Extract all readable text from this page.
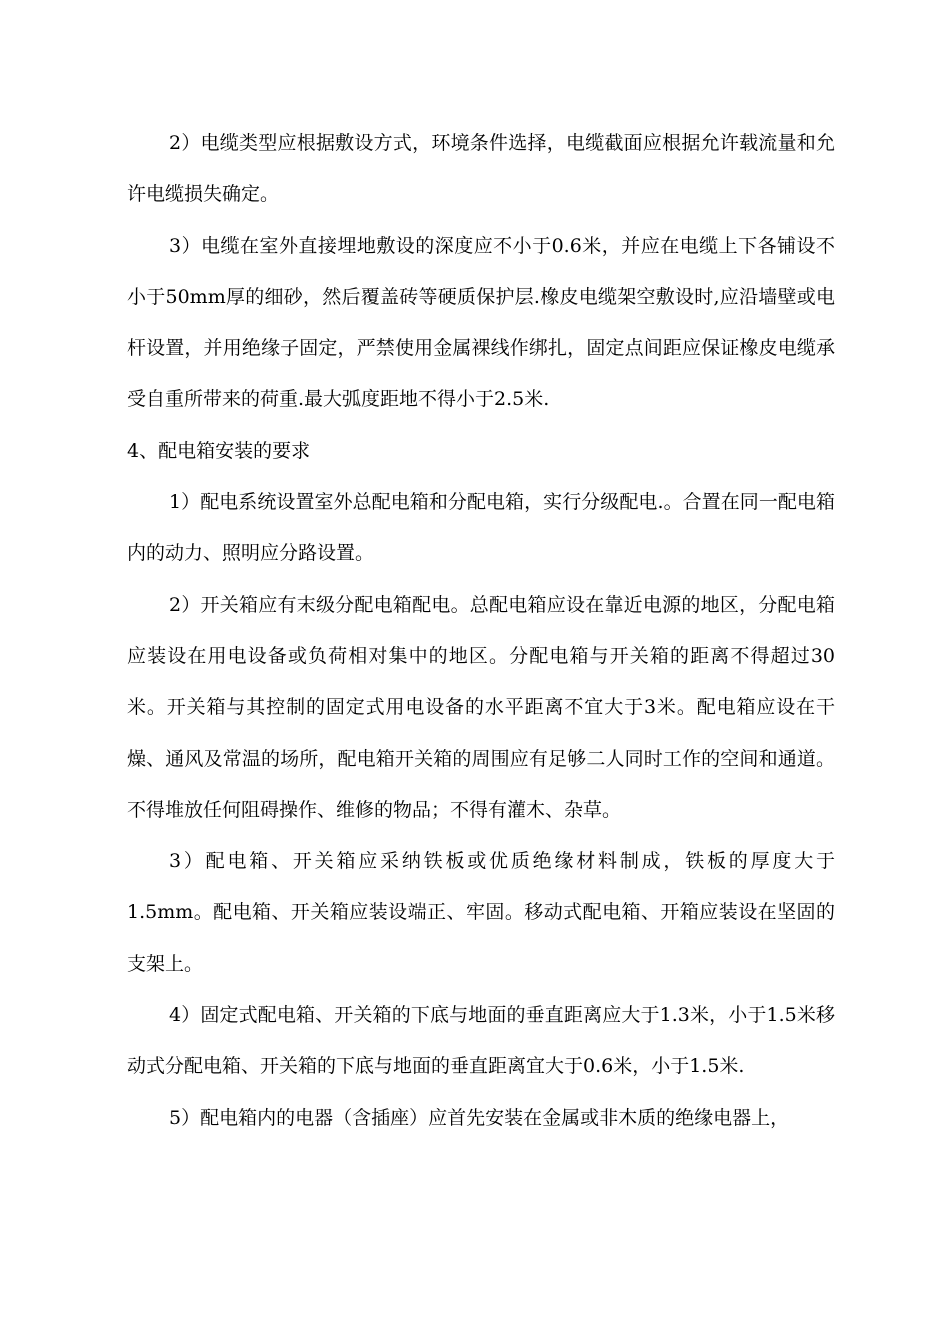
2）电缆类型应根据敷设方式，环境条件选择，电缆截面应根据允许载流量和允许电缆损失确定。

3）电缆在室外直接埋地敷设的深度应不小于0.6米，并应在电缆上下各铺设不小于50mm厚的细砂，然后覆盖砖等硬质保护层.橡皮电缆架空敷设时,应沿墙壁或电杆设置，并用绝缘子固定，严禁使用金属裸线作绑扎，固定点间距应保证橡皮电缆承受自重所带来的荷重.最大弧度距地不得小于2.5米.

4、配电箱安装的要求

1）配电系统设置室外总配电箱和分配电箱，实行分级配电.。合置在同一配电箱内的动力、照明应分路设置。

2）开关箱应有末级分配电箱配电。总配电箱应设在靠近电源的地区，分配电箱应装设在用电设备或负荷相对集中的地区。分配电箱与开关箱的距离不得超过30米。开关箱与其控制的固定式用电设备的水平距离不宜大于3米。配电箱应设在干燥、通风及常温的场所，配电箱开关箱的周围应有足够二人同时工作的空间和通道。不得堆放任何阻碍操作、维修的物品；不得有灌木、杂草。

3）配电箱、开关箱应采纳铁板或优质绝缘材料制成，铁板的厚度大于1.5mm。配电箱、开关箱应装设端正、牢固。移动式配电箱、开箱应装设在坚固的支架上。

4）固定式配电箱、开关箱的下底与地面的垂直距离应大于1.3米，小于1.5米移动式分配电箱、开关箱的下底与地面的垂直距离宜大于0.6米，小于1.5米.

5）配电箱内的电器（含插座）应首先安装在金属或非木质的绝缘电器上，
